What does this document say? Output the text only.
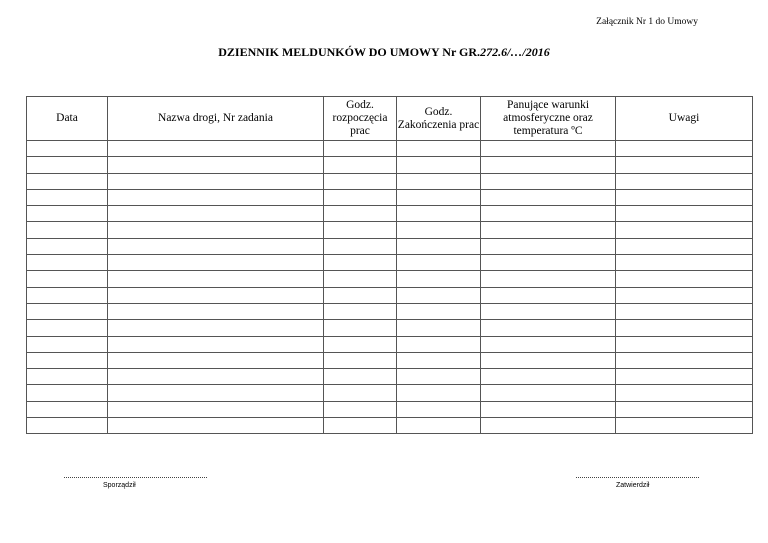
Załącznik Nr 1 do Umowy
DZIENNIK MELDUNKÓW DO UMOWY Nr GR.272.6/…/2016
Data	Nazwa drogi, Nr zadania	Godz. rozpoczęcia prac	Godz. Zakończenia prac	Panujące warunki atmosferyczne oraz temperatura ºC	Uwagi

Sporządził	Zatwierdził
